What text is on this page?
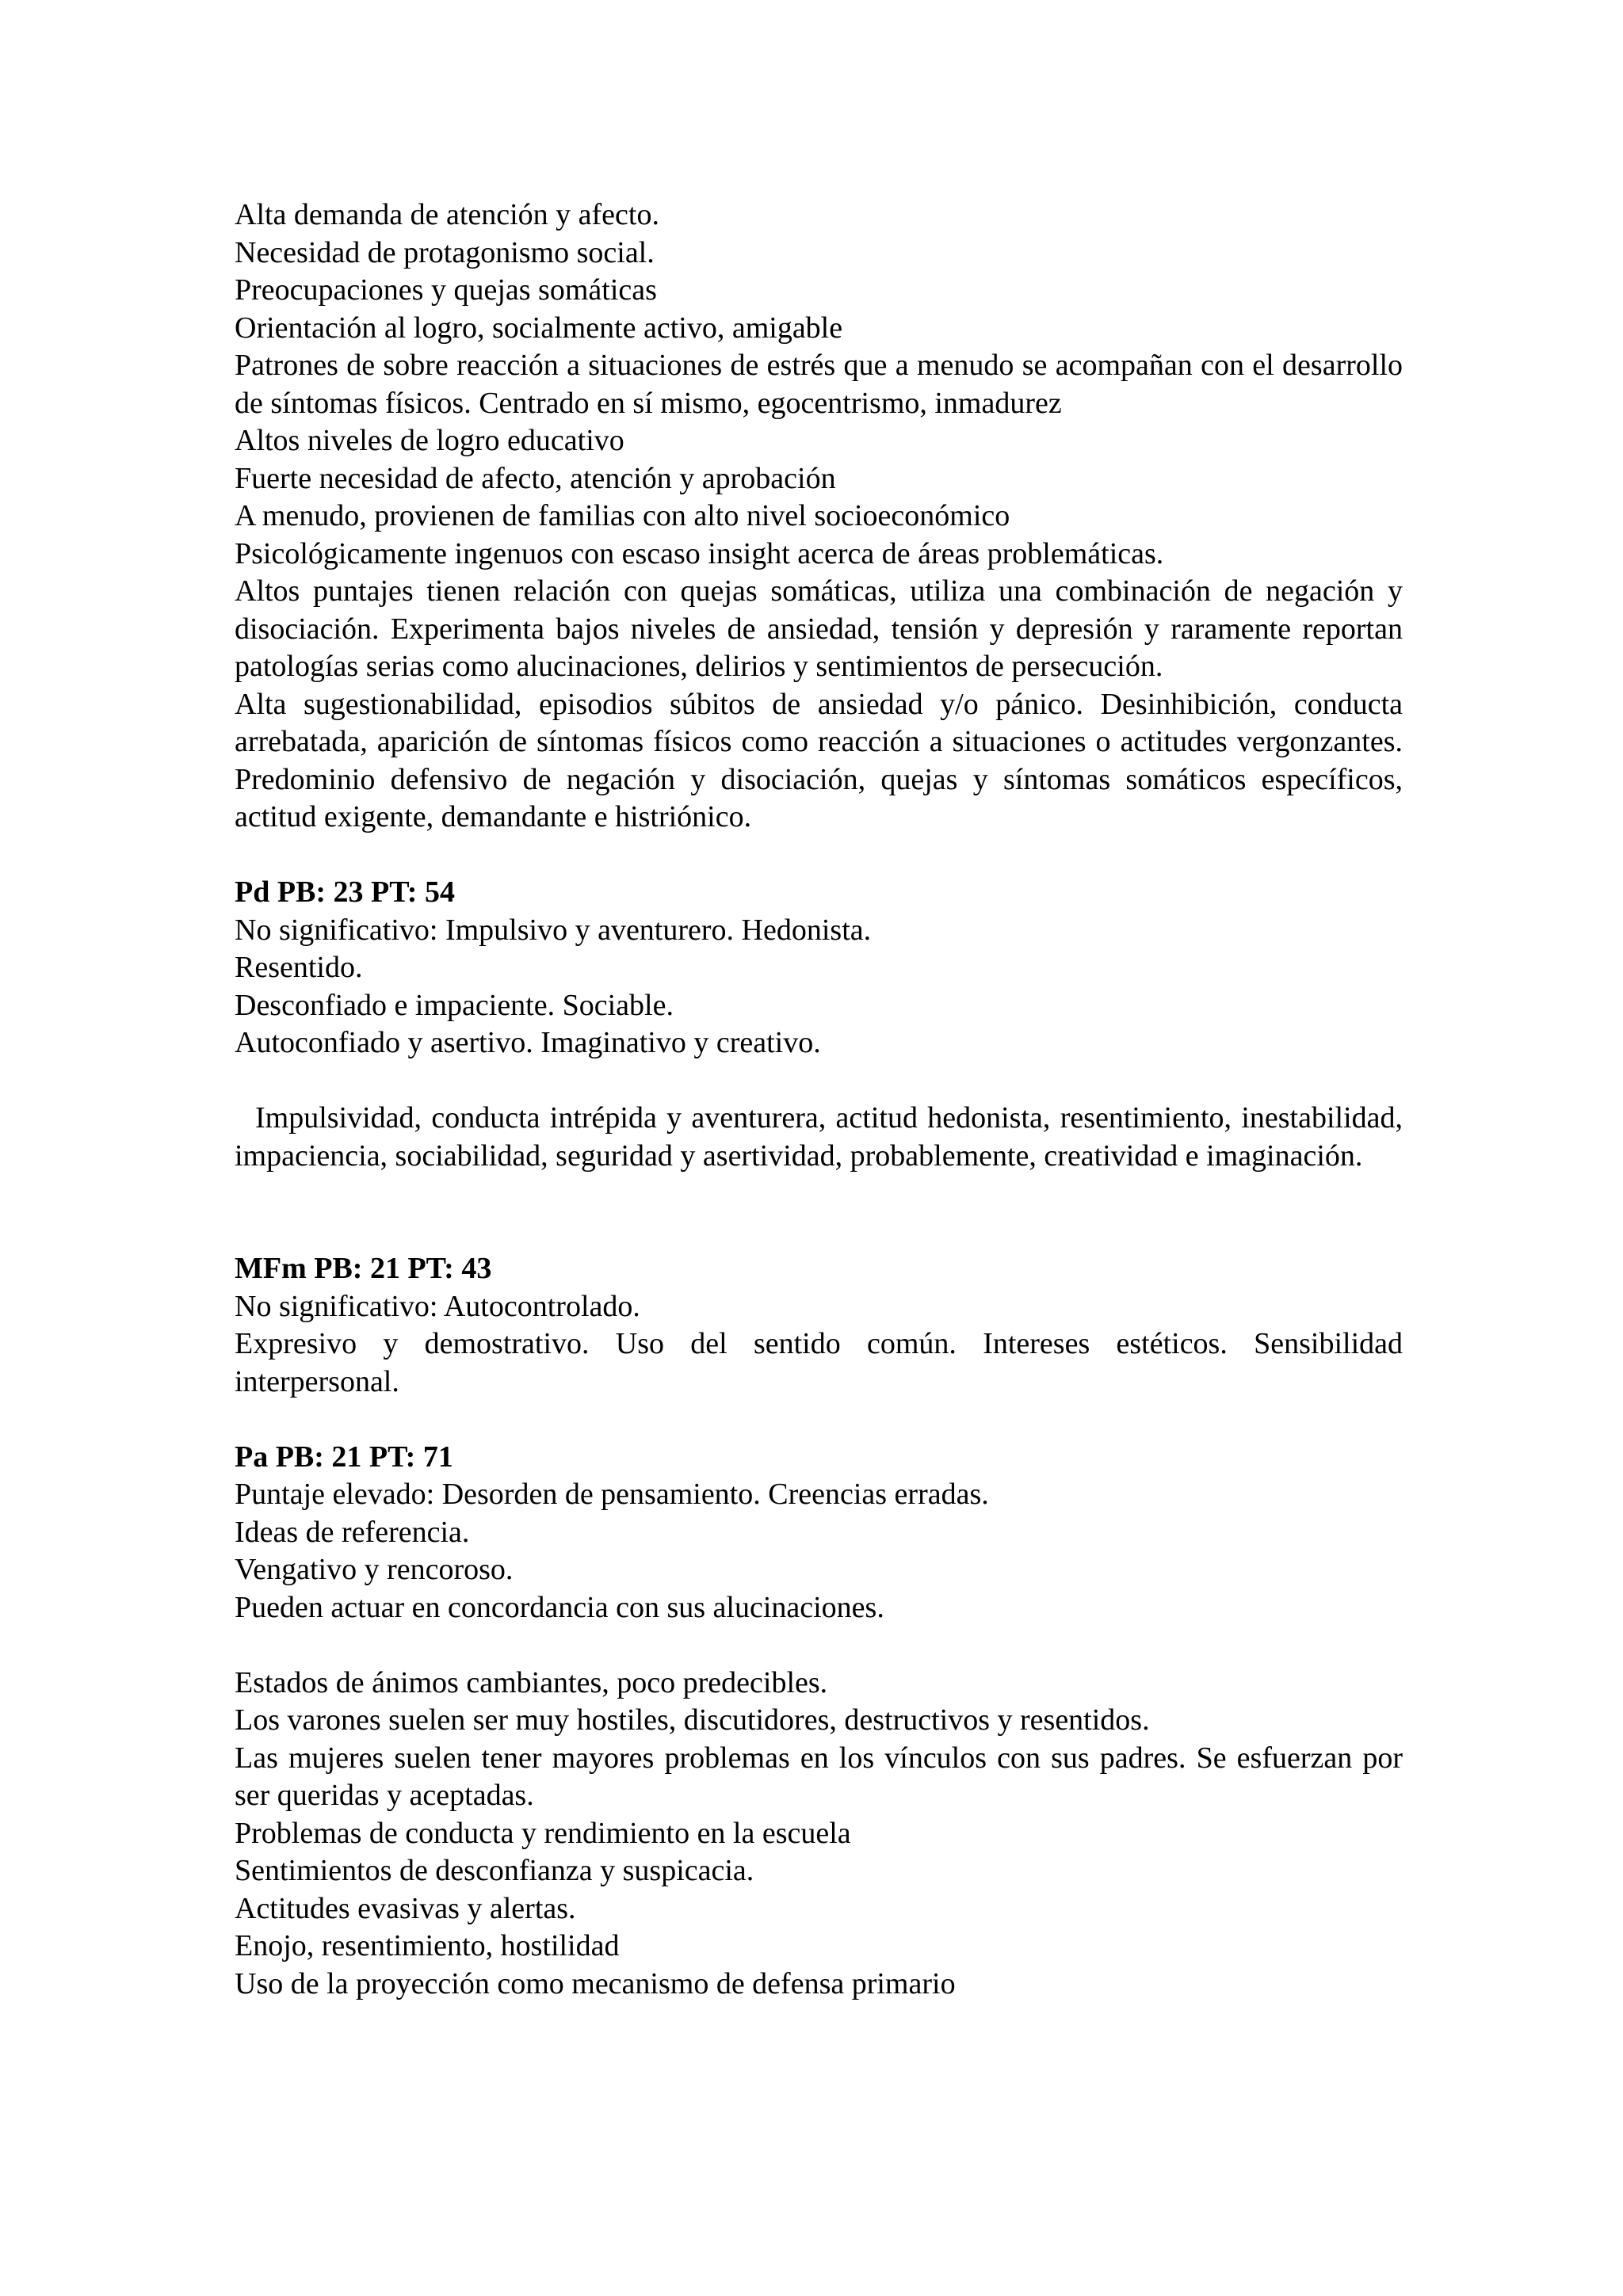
Alta demanda de atención y afecto.
Necesidad de protagonismo social.
Preocupaciones y quejas somáticas
Orientación al logro, socialmente activo, amigable
Patrones de sobre reacción a situaciones de estrés que a menudo se acompañan con el desarrollo de síntomas físicos. Centrado en sí mismo, egocentrismo, inmadurez
Altos niveles de logro educativo
Fuerte necesidad de afecto, atención y aprobación
A menudo, provienen de familias con alto nivel socioeconómico
Psicológicamente ingenuos con escaso insight acerca de áreas problemáticas.
Altos puntajes tienen relación con quejas somáticas, utiliza una combinación de negación y disociación. Experimenta bajos niveles de ansiedad, tensión y depresión y raramente reportan patologías serias como alucinaciones, delirios y sentimientos de persecución.
Alta sugestionabilidad, episodios súbitos de ansiedad y/o pánico. Desinhibición, conducta arrebatada, aparición de síntomas físicos como reacción a situaciones o actitudes vergonzantes. Predominio defensivo de negación y disociación, quejas y síntomas somáticos específicos, actitud exigente, demandante e histriónico.
Pd PB: 23 PT: 54
No significativo: Impulsivo y aventurero. Hedonista.
Resentido.
Desconfiado e impaciente. Sociable.
Autoconfiado y asertivo. Imaginativo y creativo.
Impulsividad, conducta intrépida y aventurera, actitud hedonista, resentimiento, inestabilidad, impaciencia, sociabilidad, seguridad y asertividad, probablemente, creatividad e imaginación.
MFm PB: 21 PT: 43
No significativo: Autocontrolado.
Expresivo y demostrativo. Uso del sentido común. Intereses estéticos. Sensibilidad interpersonal.
Pa PB: 21 PT: 71
Puntaje elevado: Desorden de pensamiento. Creencias erradas.
Ideas de referencia.
Vengativo y rencoroso.
Pueden actuar en concordancia con sus alucinaciones.
Estados de ánimos cambiantes, poco predecibles.
Los varones suelen ser muy hostiles, discutidores, destructivos y resentidos.
Las mujeres suelen tener mayores problemas en los vínculos con sus padres. Se esfuerzan por ser queridas y aceptadas.
Problemas de conducta y rendimiento en la escuela
Sentimientos de desconfianza y suspicacia.
Actitudes evasivas y alertas.
Enojo, resentimiento, hostilidad
Uso de la proyección como mecanismo de defensa primario
